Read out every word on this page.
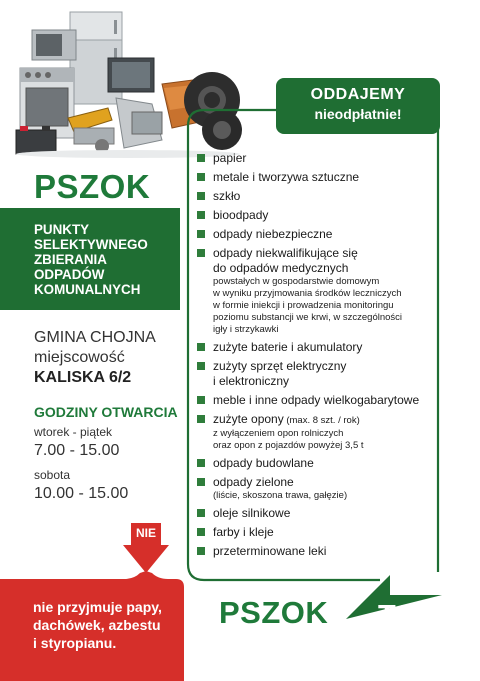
PSZOK
PUNKTY
SELEKTYWNEGO
ZBIERANIA
ODPADÓW
KOMUNALNYCH
GMINA CHOJNA
miejscowość
KALISKA 6/2
GODZINY OTWARCIA
wtorek - piątek
7.00 - 15.00
sobota
10.00 - 15.00
NIE
nie przyjmuje papy,
dachówek, azbestu
i styropianu.
ODDAJEMY
nieodpłatnie!
papier
metale i tworzywa sztuczne
szkło
bioodpady
odpady niebezpieczne
odpady niekwalifikujące się
do odpadów medycznych
powstałych w gospodarstwie domowym
w wyniku przyjmowania środków leczniczych
w formie iniekcji i prowadzenia monitoringu
poziomu substancji we krwi, w szczególności
igły i strzykawki
zużyte baterie i akumulatory
zużyty sprzęt elektryczny
i elektroniczny
meble i inne odpady wielkogabarytowe
zużyte opony (max. 8 szt. / rok)
z wyłączeniem opon rolniczych
oraz opon z pojazdów powyżej 3,5 t
odpady budowlane
odpady zielone
(liście, skoszona trawa, gałęzie)
oleje silnikowe
farby i kleje
przeterminowane leki
PSZOK TAK
